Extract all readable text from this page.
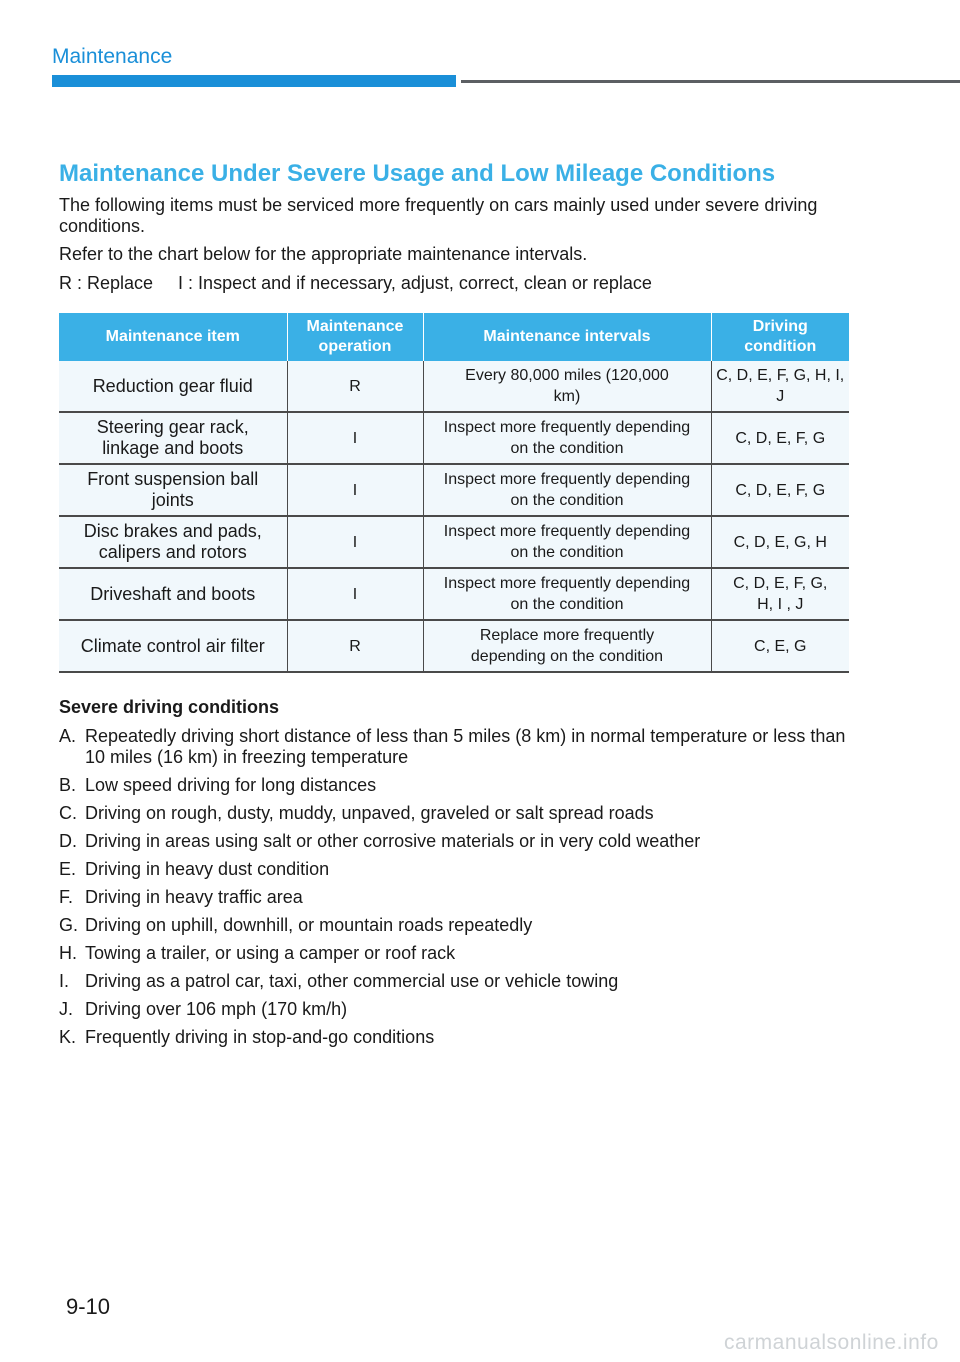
Maintenance
Maintenance Under Severe Usage and Low Mileage Conditions

The following items must be serviced more frequently on cars mainly used under severe driving conditions.

Refer to the chart below for the appropriate maintenance intervals.

R : Replace     I : Inspect and if necessary, adjust, correct, clean or replace

Maintenance item	Maintenance operation	Maintenance intervals	Driving condition
Reduction gear fluid	R	Every 80,000 miles (120,000 km)	C, D, E, F, G, H, I, J
Steering gear rack, linkage and boots	I	Inspect more frequently depending on the condition	C, D, E, F, G
Front suspension ball joints	I	Inspect more frequently depending on the condition	C, D, E, F, G
Disc brakes and pads, calipers and rotors	I	Inspect more frequently depending on the condition	C, D, E, G, H
Driveshaft and boots	I	Inspect more frequently depending on the condition	C, D, E, F, G, H, I , J
Climate control air filter	R	Replace more frequently depending on the condition	C, E, G
Severe driving conditions
A. Repeatedly driving short distance of less than 5 miles (8 km) in normal temperature or less than 10 miles (16 km) in freezing temperature
B. Low speed driving for long distances
C. Driving on rough, dusty, muddy, unpaved, graveled or salt spread roads
D. Driving in areas using salt or other corrosive materials or in very cold weather
E. Driving in heavy dust condition
F. Driving in heavy traffic area
G. Driving on uphill, downhill, or mountain roads repeatedly
H. Towing a trailer, or using a camper or roof rack
I. Driving as a patrol car, taxi, other commercial use or vehicle towing
J. Driving over 106 mph (170 km/h)
K. Frequently driving in stop-and-go conditions
9-10
carmanualsonline.info
